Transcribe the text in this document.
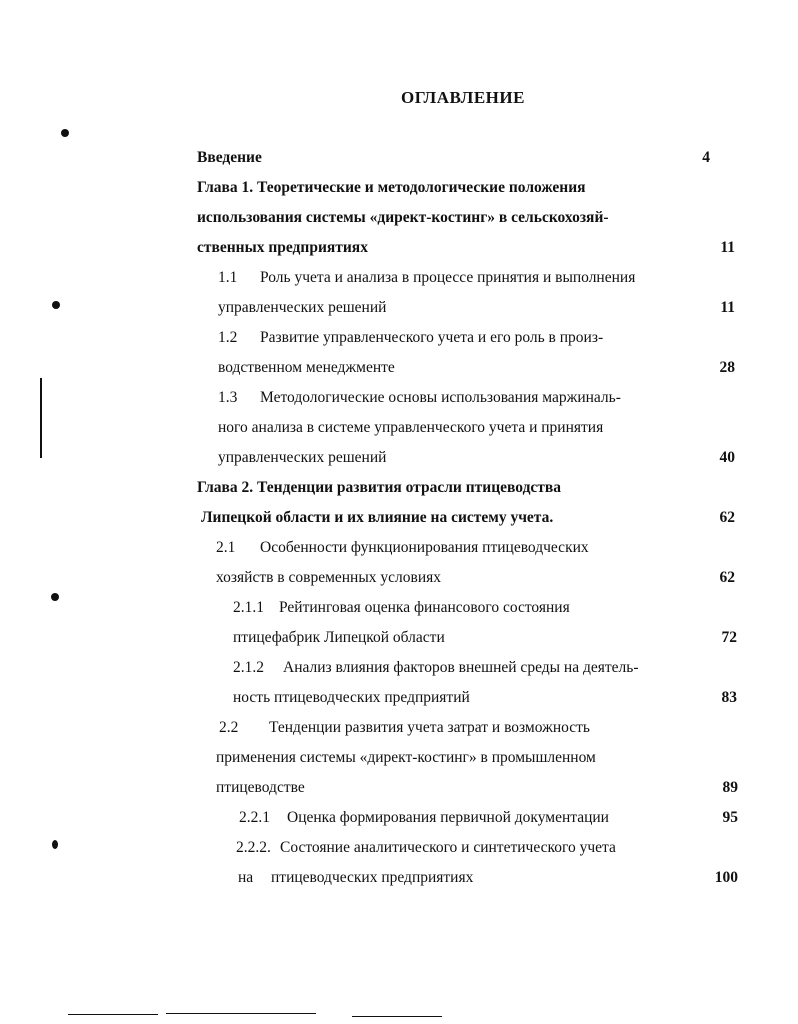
ОГЛАВЛЕНИЕ
Введение	4
Глава 1. Теоретические и методологические положения
использования системы «директ-костинг» в сельскохозяй-
ственных предприятиях	11
1.1 Роль учета и анализа в процессе принятия и выполнения
управленческих решений	11
1.2 Развитие управленческого учета и его роль в произ-
водственном менеджменте	28
1.3 Методологические основы использования маржиналь-
ного анализа в системе управленческого учета и принятия
управленческих решений	40
Глава 2. Тенденции развития отрасли птицеводства
Липецкой области и их влияние на систему учета.	62
2.1 Особенности функционирования птицеводческих
хозяйств в современных условиях	62
2.1.1 Рейтинговая оценка финансового состояния
птицефабрик Липецкой области	72
2.1.2 Анализ влияния факторов внешней среды на деятель-
ность птицеводческих предприятий	83
2.2 Тенденции развития учета затрат и возможность
применения системы «директ-костинг» в промышленном
птицеводстве	89
2.2.1 Оценка формирования первичной документации	95
2.2.2. Состояние аналитического и синтетического учета
на птицеводческих предприятиях	100
